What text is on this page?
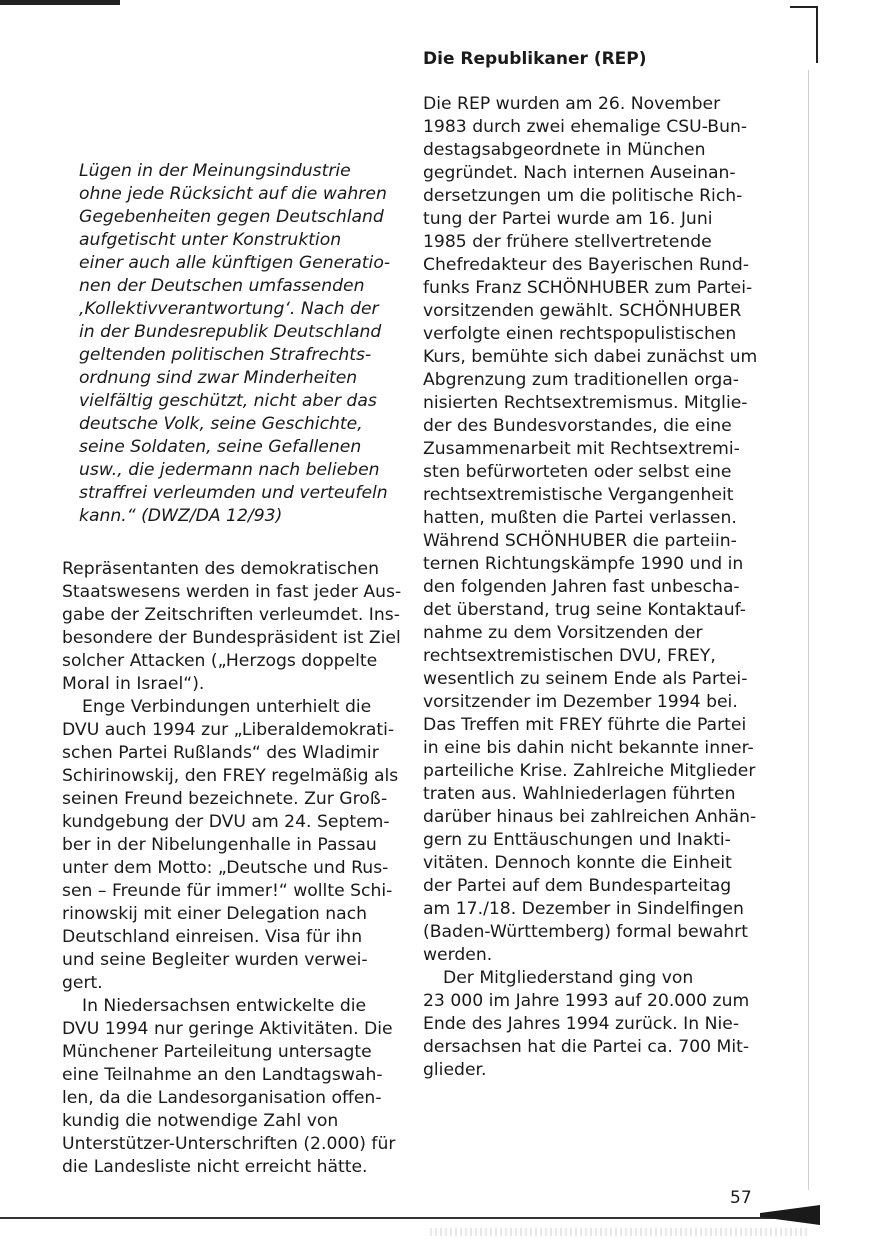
Lügen in der Meinungsindustrie

ohne jede Rücksicht auf die wahren

Gegebenheiten gegen Deutschland

aufgetischt unter Konstruktion

einer auch alle künftigen Generatio-

nen der Deutschen umfassenden

‚Kollektivverantwortung‘. Nach der

in der Bundesrepublik Deutschland

geltenden politischen Strafrechts-

ordnung sind zwar Minderheiten

vielfältig geschützt, nicht aber das

deutsche Volk, seine Geschichte,

seine Soldaten, seine Gefallenen

usw., die jedermann nach belieben

straffrei verleumden und verteufeln

kann.“ (DWZ/DA 12/93)

Repräsentanten des demokratischen

Staatswesens werden in fast jeder Aus-

gabe der Zeitschriften verleumdet. Ins-

besondere der Bundespräsident ist Ziel

solcher Attacken („Herzogs doppelte

Moral in Israel“).

Enge Verbindungen unterhielt die

DVU auch 1994 zur „Liberaldemokrati-

schen Partei Rußlands“ des Wladimir

Schirinowskij, den FREY regelmäßig als

seinen Freund bezeichnete. Zur Groß-

kundgebung der DVU am 24. Septem-

ber in der Nibelungenhalle in Passau

unter dem Motto: „Deutsche und Rus-

sen – Freunde für immer!“ wollte Schi-

rinowskij mit einer Delegation nach

Deutschland einreisen. Visa für ihn

und seine Begleiter wurden verwei-

gert.

In Niedersachsen entwickelte die

DVU 1994 nur geringe Aktivitäten. Die

Münchener Parteileitung untersagte

eine Teilnahme an den Landtagswah-

len, da die Landesorganisation offen-

kundig die notwendige Zahl von

Unterstützer-Unterschriften (2.000) für

die Landesliste nicht erreicht hätte.

Die Republikaner (REP)

Die REP wurden am 26. November

1983 durch zwei ehemalige CSU-Bun-

destagsabgeordnete in München

gegründet. Nach internen Auseinan-

dersetzungen um die politische Rich-

tung der Partei wurde am 16. Juni

1985 der frühere stellvertretende

Chefredakteur des Bayerischen Rund-

funks Franz SCHÖNHUBER zum Partei-

vorsitzenden gewählt. SCHÖNHUBER

verfolgte einen rechtspopulistischen

Kurs, bemühte sich dabei zunächst um

Abgrenzung zum traditionellen orga-

nisierten Rechtsextremismus. Mitglie-

der des Bundesvorstandes, die eine

Zusammenarbeit mit Rechtsextremi-

sten befürworteten oder selbst eine

rechtsextremistische Vergangenheit

hatten, mußten die Partei verlassen.

Während SCHÖNHUBER die parteiin-

ternen Richtungskämpfe 1990 und in

den folgenden Jahren fast unbescha-

det überstand, trug seine Kontaktauf-

nahme zu dem Vorsitzenden der

rechtsextremistischen DVU, FREY,

wesentlich zu seinem Ende als Partei-

vorsitzender im Dezember 1994 bei.

Das Treffen mit FREY führte die Partei

in eine bis dahin nicht bekannte inner-

parteiliche Krise. Zahlreiche Mitglieder

traten aus. Wahlniederlagen führten

darüber hinaus bei zahlreichen Anhän-

gern zu Enttäuschungen und Inakti-

vitäten. Dennoch konnte die Einheit

der Partei auf dem Bundesparteitag

am 17./18. Dezember in Sindelfingen

(Baden-Württemberg) formal bewahrt

werden.

Der Mitgliederstand ging von

23 000 im Jahre 1993 auf 20.000 zum

Ende des Jahres 1994 zurück. In Nie-

dersachsen hat die Partei ca. 700 Mit-

glieder.

57
